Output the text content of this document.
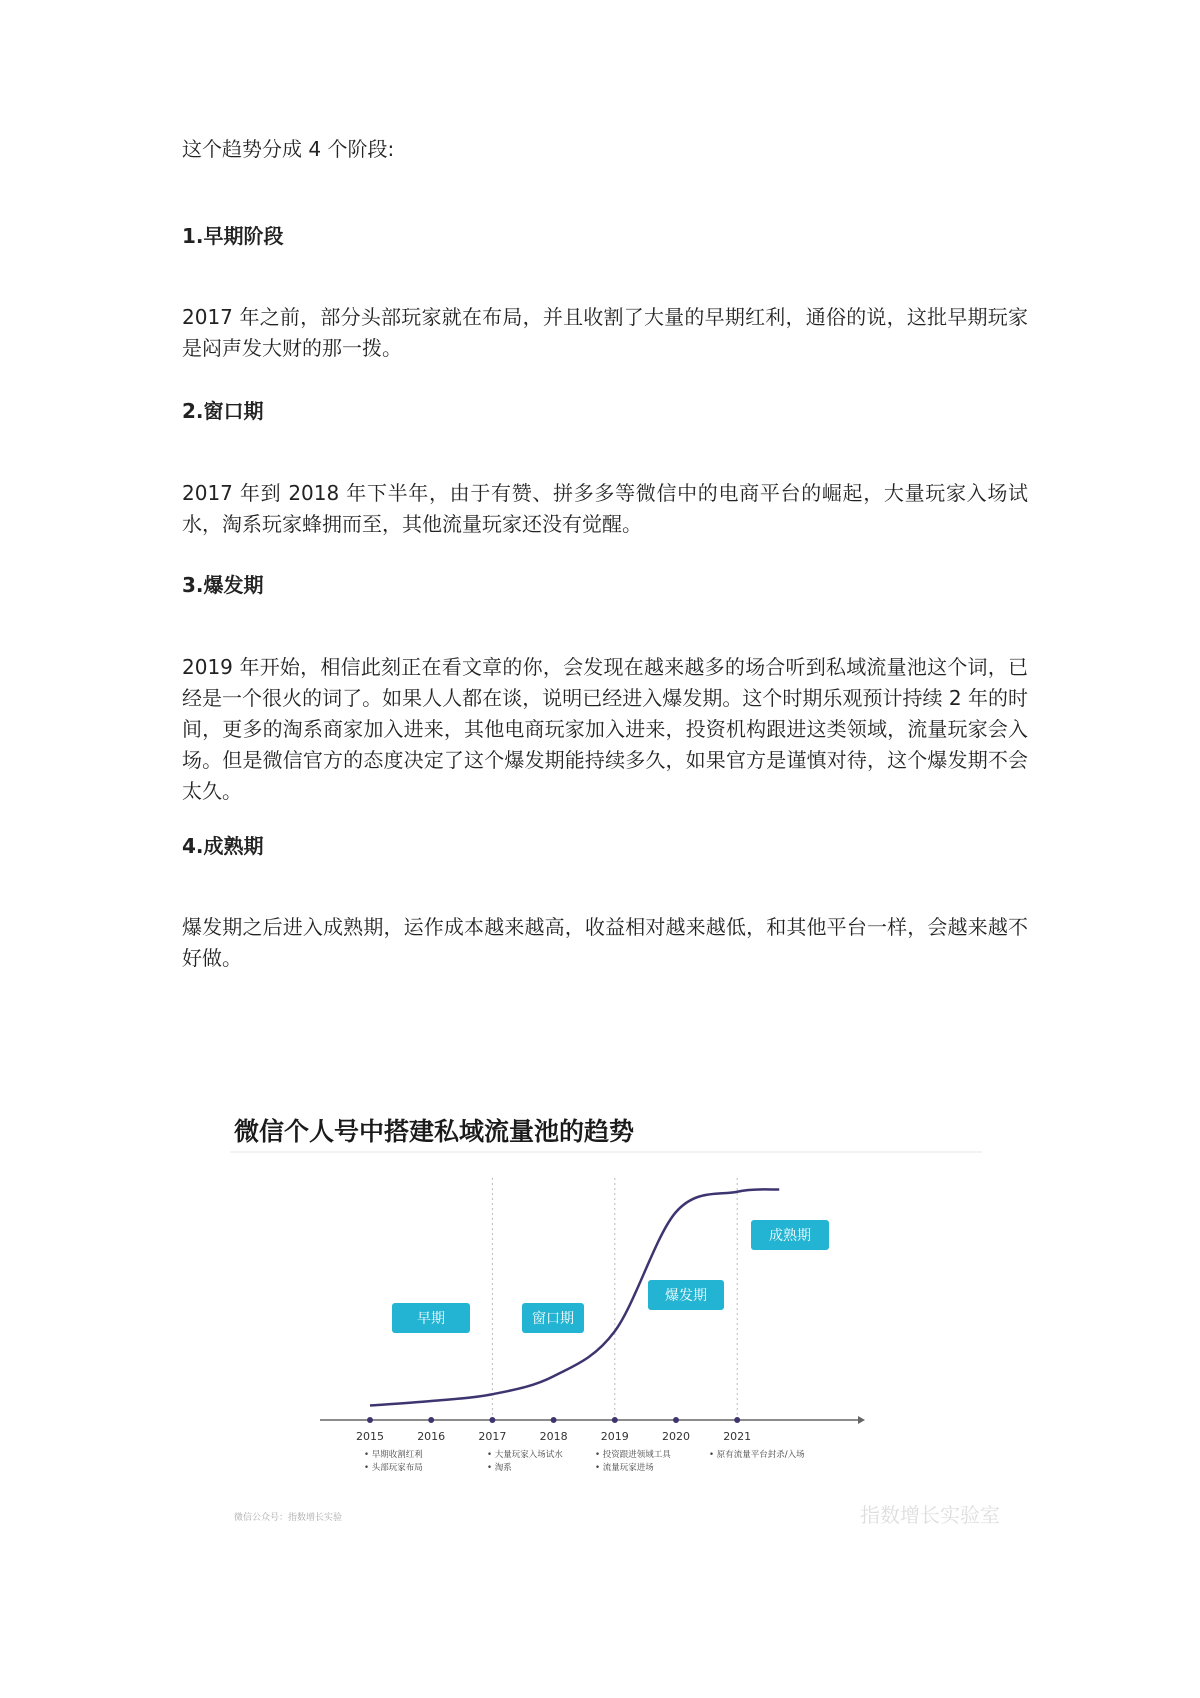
这个趋势分成 4 个阶段:

1.早期阶段

2017 年之前，部分头部玩家就在布局，并且收割了大量的早期红利，通俗的说，这批早期玩家是闷声发大财的那一拨。

2.窗口期

2017 年到 2018 年下半年，由于有赞、拼多多等微信中的电商平台的崛起，大量玩家入场试水，淘系玩家蜂拥而至，其他流量玩家还没有觉醒。

3.爆发期

2019 年开始，相信此刻正在看文章的你，会发现在越来越多的场合听到私域流量池这个词，已经是一个很火的词了。如果人人都在谈，说明已经进入爆发期。这个时期乐观预计持续 2 年的时间，更多的淘系商家加入进来，其他电商玩家加入进来，投资机构跟进这类领域，流量玩家会入场。但是微信官方的态度决定了这个爆发期能持续多久，如果官方是谨慎对待，这个爆发期不会太久。

4.成熟期

爆发期之后进入成熟期，运作成本越来越高，收益相对越来越低，和其他平台一样，会越来越不好做。

微信个人号中搭建私域流量池的趋势
2015	2016	2017	2018	2019	2020	2021
早期	窗口期
爆发期
成熟期
• 早期收割红利
• 头部玩家布局
• 大量玩家入场试水
• 淘系
• 投资跟进领域工具
• 流量玩家进场
• 原有流量平台封杀/入场
微信公众号：指数增长实验	指数增长实验室
